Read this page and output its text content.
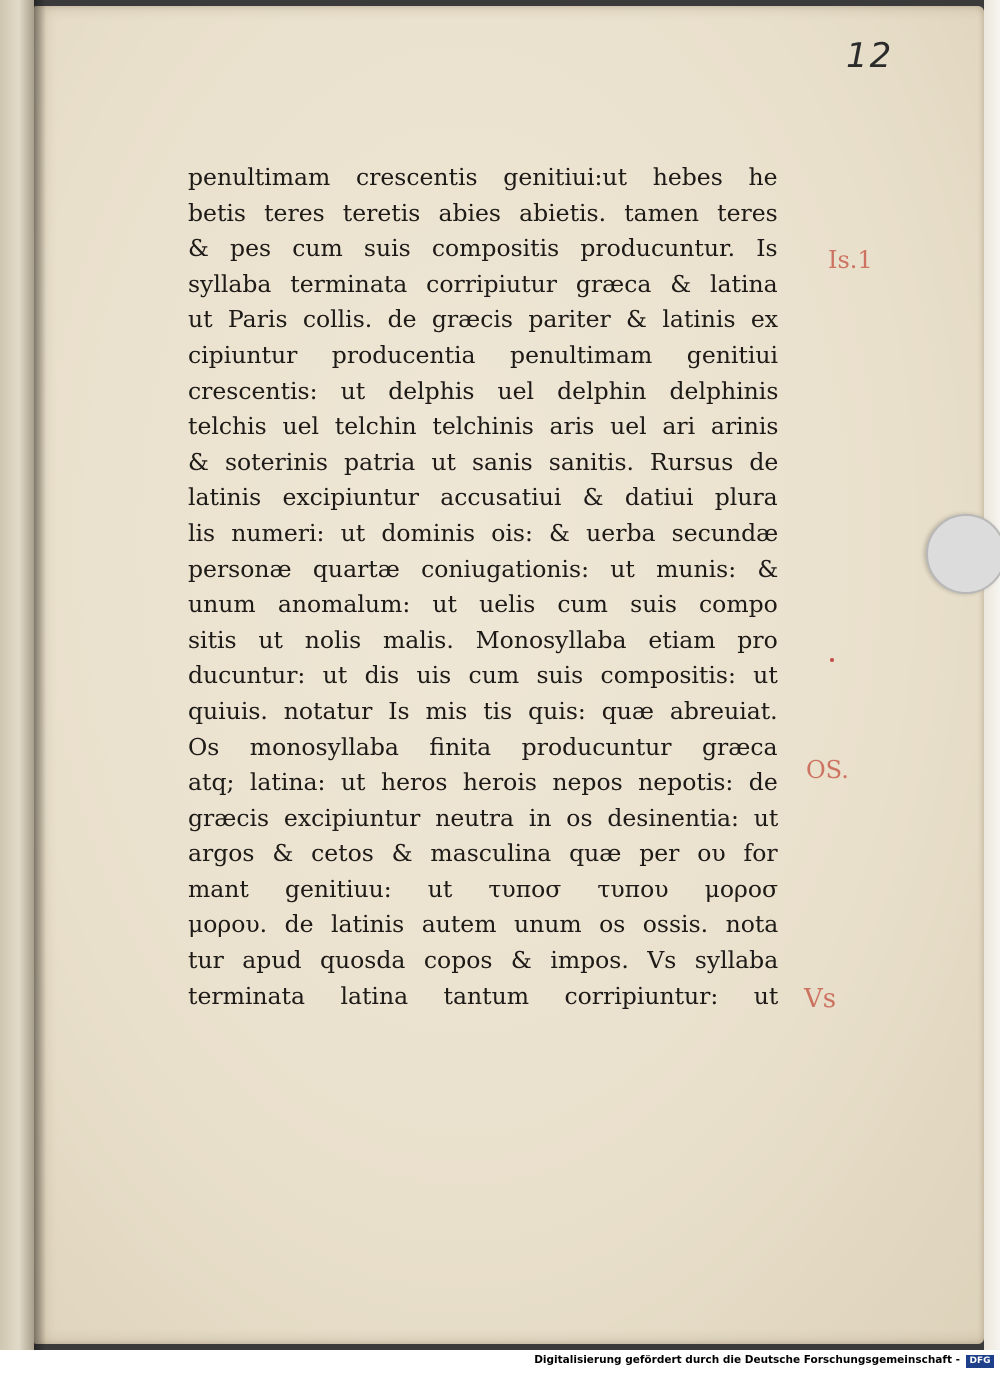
12
penultimam crescentis genitiui:ut hebes he
betis teres teretis abies abietis. tamen teres
& pes cum suis compositis producuntur. Is
syllaba terminata corripiutur græca & latina
ut Paris collis. de græcis pariter & latinis ex
cipiuntur producentia penultimam genitiui
crescentis: ut delphis uel delphin delphinis
telchis uel telchin telchinis aris uel ari arinis
& soterinis patria ut sanis sanitis. Rursus de
latinis excipiuntur accusatiui & datiui plura
lis numeri: ut dominis ois: & uerba secundæ
personæ quartæ coniugationis: ut munis: &
unum anomalum: ut uelis cum suis compo
sitis ut nolis malis. Monosyllaba etiam pro
ducuntur: ut dis uis cum suis compositis: ut
quiuis. notatur Is mis tis quis: quæ abreuiat.
Os monosyllaba finita producuntur græca
atq; latina: ut heros herois nepos nepotis: de
græcis excipiuntur neutra in os desinentia: ut
argos & cetos & masculina quæ per ου for
mant genitiuu: ut τυποσ τυπου μοροσ
μορου. de latinis autem unum os ossis. nota
tur apud quosda copos & impos. Vs syllaba
terminata latina tantum corripiuntur: ut
Is.1
OS.
Vs
Digitalisierung gefördert durch die Deutsche Forschungsgemeinschaft -	DFG
